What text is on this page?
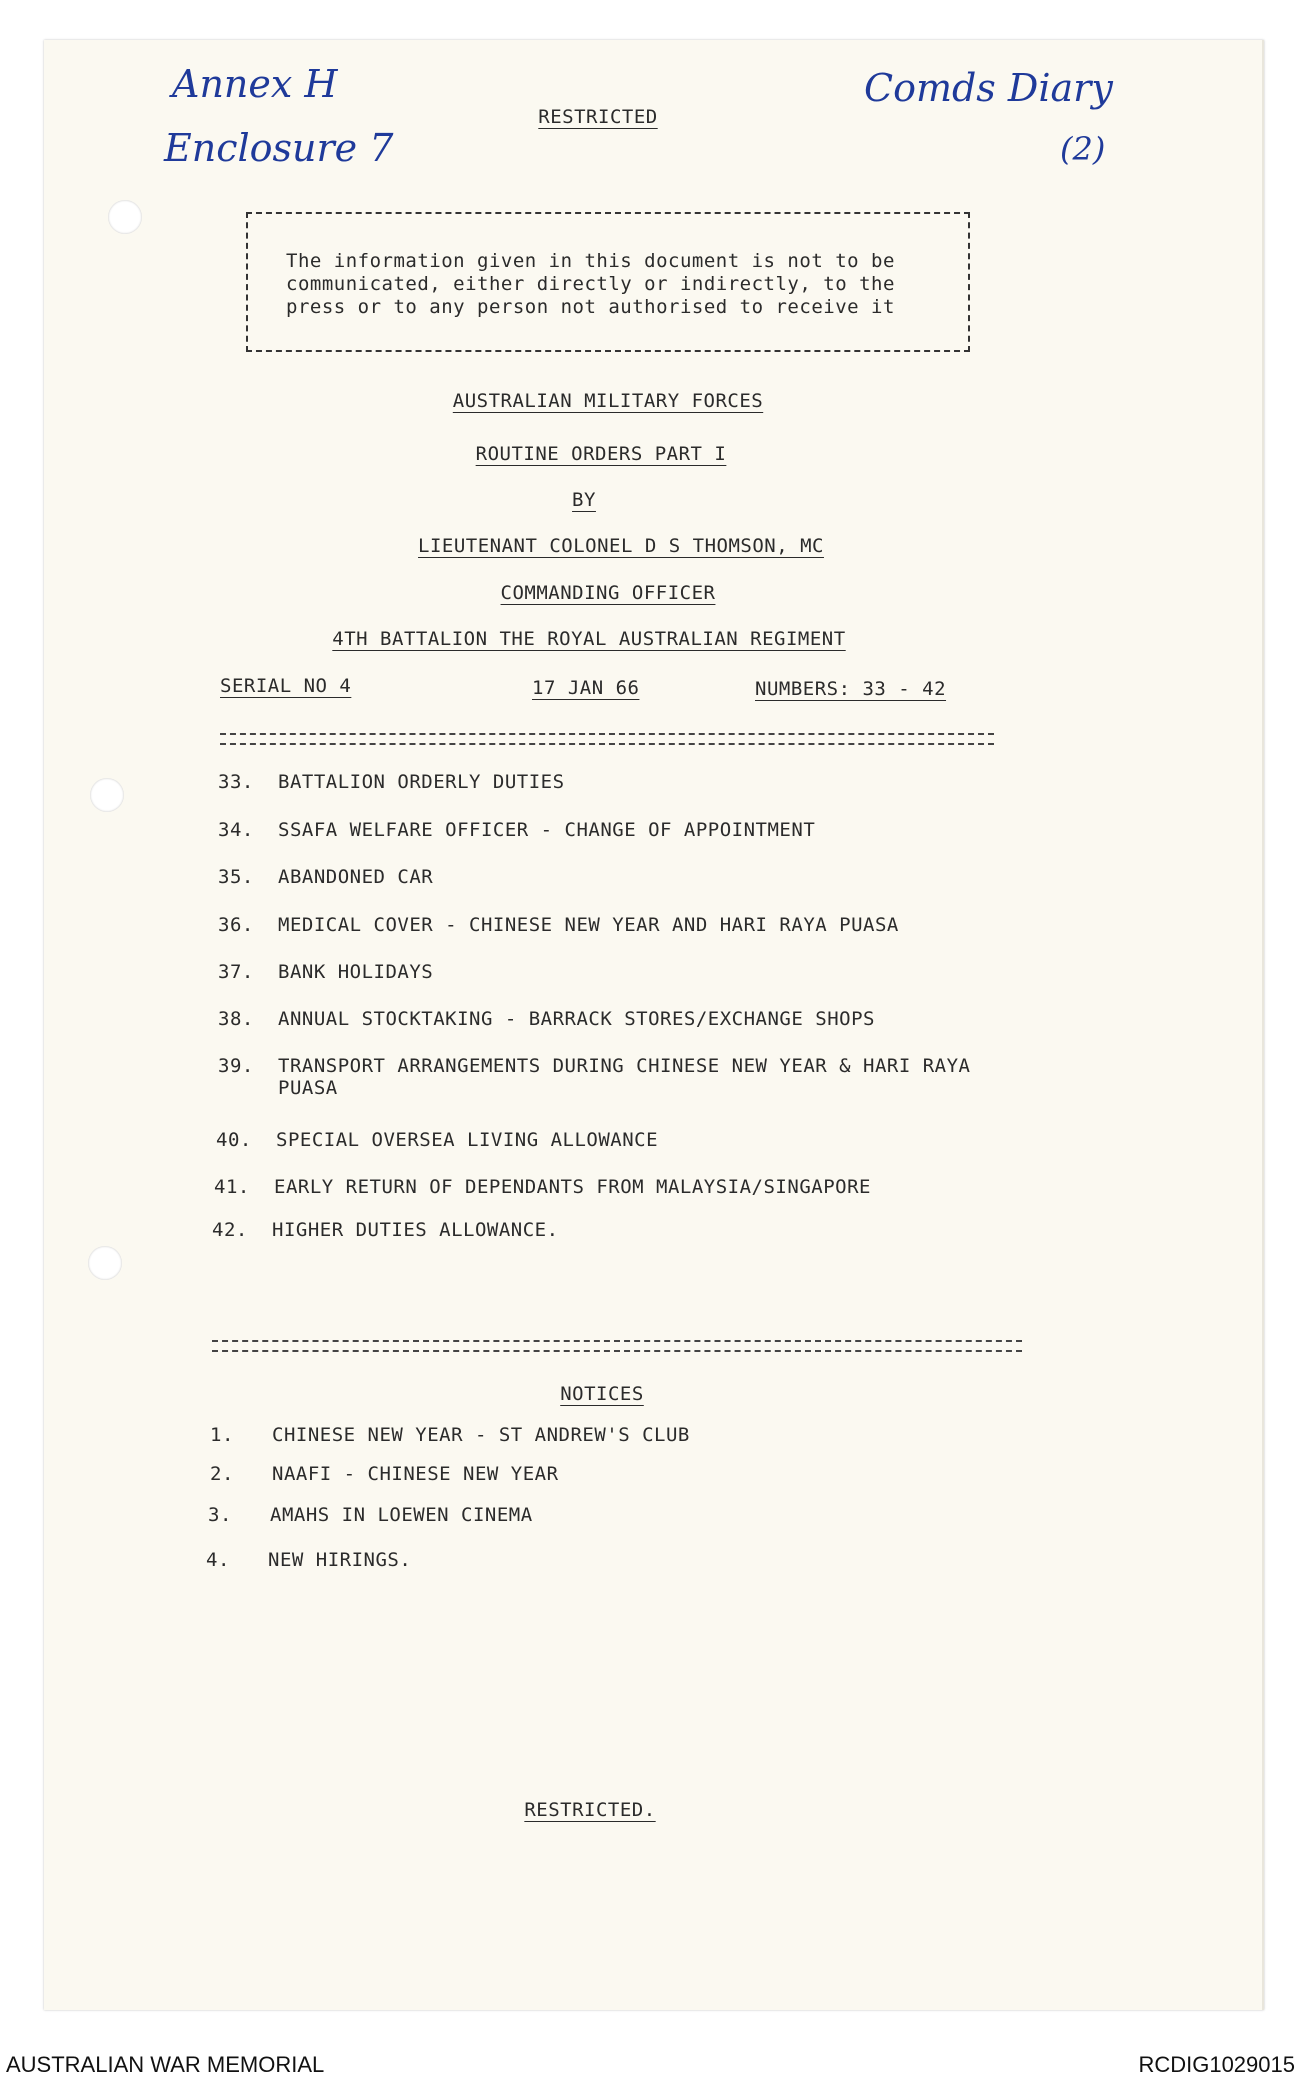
Annex H
Enclosure 7
Comds Diary
(2)
RESTRICTED

The information given in this document is not to be communicated, either directly or indirectly, to the press or to any person not authorised to receive it

AUSTRALIAN MILITARY FORCES
ROUTINE ORDERS PART I
BY
LIEUTENANT COLONEL D S THOMSON, MC
COMMANDING OFFICER
4TH BATTALION THE ROYAL AUSTRALIAN REGIMENT
SERIAL NO 4	17 JAN 66	NUMBERS: 33 - 42
33.	BATTALION ORDERLY DUTIES
34.	SSAFA WELFARE OFFICER - CHANGE OF APPOINTMENT
35.	ABANDONED CAR
36.	MEDICAL COVER - CHINESE NEW YEAR AND HARI RAYA PUASA
37.	BANK HOLIDAYS
38.	ANNUAL STOCKTAKING - BARRACK STORES/EXCHANGE SHOPS
39.	TRANSPORT ARRANGEMENTS DURING CHINESE NEW YEAR & HARI RAYA PUASA
40.	SPECIAL OVERSEA LIVING ALLOWANCE
41.	EARLY RETURN OF DEPENDANTS FROM MALAYSIA/SINGAPORE
42.	HIGHER DUTIES ALLOWANCE.
NOTICES
1.	CHINESE NEW YEAR - ST ANDREW'S CLUB
2.	NAAFI - CHINESE NEW YEAR
3.	AMAHS IN LOEWEN CINEMA
4.	NEW HIRINGS.
RESTRICTED.
AUSTRALIAN WAR MEMORIAL	RCDIG1029015
